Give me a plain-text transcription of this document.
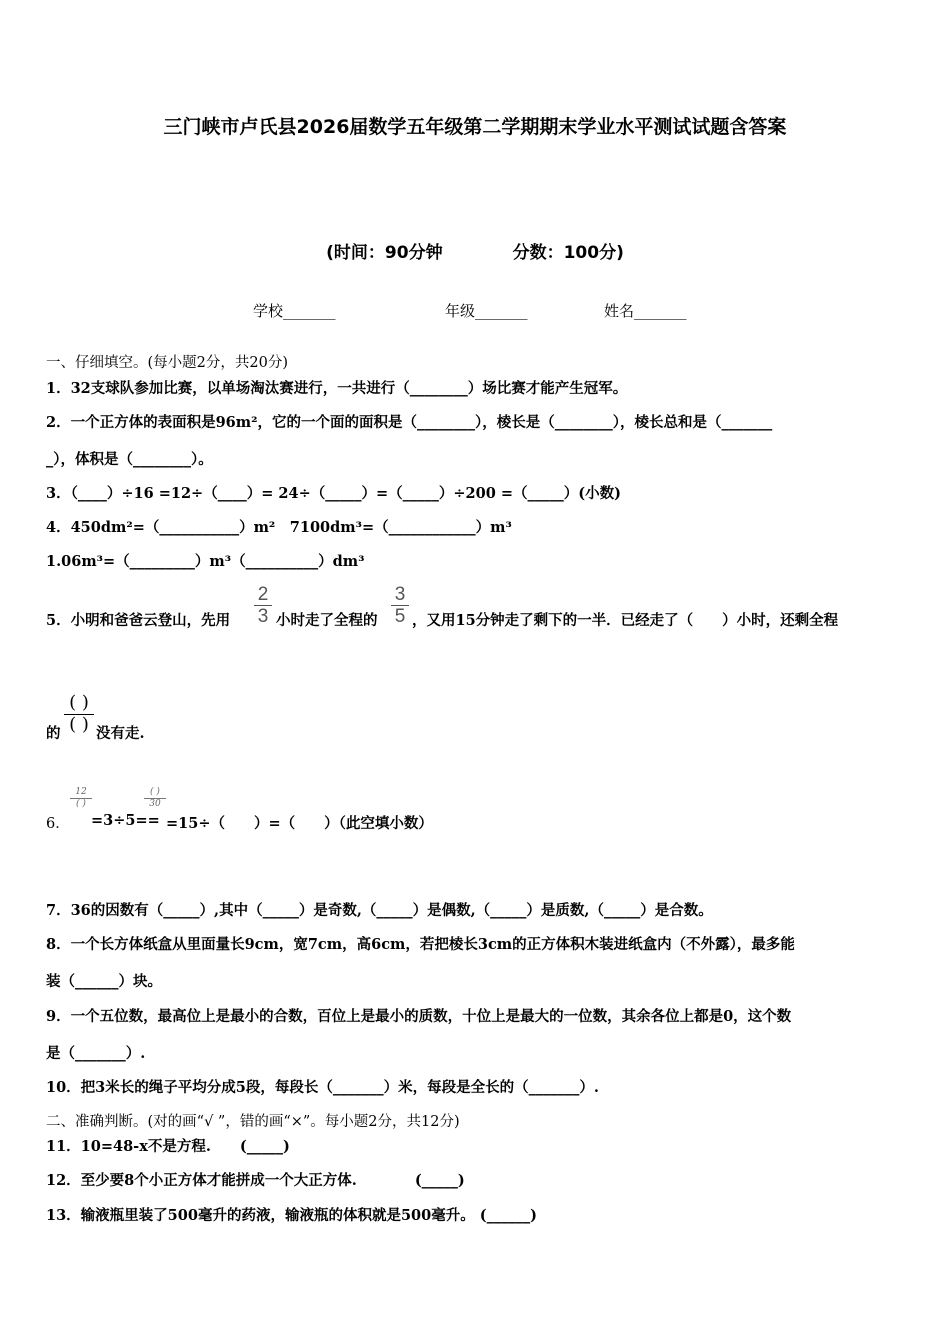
三门峡市卢氏县2026届数学五年级第二学期期末学业水平测试试题含答案
(时间：90分钟	分数：100分)
学校_______	年级_______	姓名_______
一、仔细填空。(每小题2分，共20分)
1．32支球队参加比赛，以单场淘汰赛进行，一共进行（________）场比赛才能产生冠军。
2．一个正方体的表面积是96m²，它的一个面的面积是（________），棱长是（________），棱长总和是（_______
_），体积是（________）。
3．（____）÷16 =12÷（____）= 24÷（_____）=（_____）÷200 =（_____）(小数)
4．450dm²=（___________）m²　7100dm³=（____________）m³
1.06m³=（_________）m³（__________）dm³
5．小明和爸爸云登山，先用
2
3 小时走了全程的
3
5 ，又用15分钟走了剩下的一半．已经走了（　　）小时，还剩全程
的
( )
( ) 没有走.
6．
12
( )
=3÷5==
( )
30
=15÷（　　）=（　　）（此空填小数）
7．36的因数有（_____）,其中（_____）是奇数,（_____）是偶数,（_____）是质数,（_____）是合数。
8．一个长方体纸盒从里面量长9cm，宽7cm，高6cm，若把棱长3cm的正方体积木装进纸盒内（不外露），最多能
装（______）块。
9．一个五位数，最高位上是最小的合数，百位上是最小的质数，十位上是最大的一位数，其余各位上都是0，这个数
是（_______）.
10．把3米长的绳子平均分成5段，每段长（_______）米，每段是全长的（_______）.
二、准确判断。(对的画“√ ”，错的画“×”。每小题2分，共12分)
11．10=48-x不是方程.　　(_____)
12．至少要8个小正方体才能拼成一个大正方体.　　　　(_____)
13．输液瓶里装了500毫升的药液，输液瓶的体积就是500毫升。 (______)
